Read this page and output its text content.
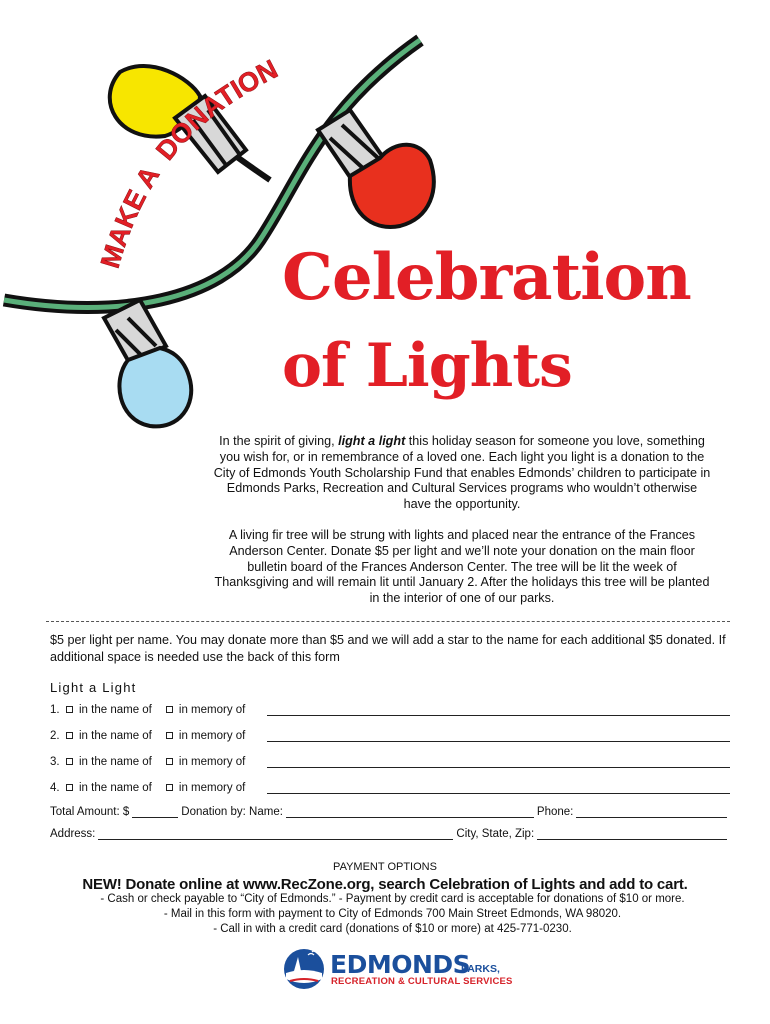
MAKE A DONATION
Celebration
of Lights
In the spirit of giving, light a light this holiday season for someone you love, something you wish for, or in remembrance of a loved one. Each light you light is a donation to the City of Edmonds Youth Scholarship Fund that enables Edmonds’ children to participate in Edmonds Parks, Recreation and Cultural Services programs who wouldn’t otherwise have the opportunity.
A living fir tree will be strung with lights and placed near the entrance of the Frances Anderson Center. Donate $5 per light and we’ll note your donation on the main floor bulletin board of the Frances Anderson Center. The tree will be lit the week of Thanksgiving and will remain lit until January 2. After the holidays this tree will be planted in the interior of one of our parks.
$5 per light per name. You may donate more than $5 and we will add a star to the name for each additional $5 donated. If additional space is needed use the back of this form
Light a Light
1.	in the name of in memory of
2.	in the name of in memory of
3.	in the name of in memory of
4.	in the name of in memory of
Total Amount: $	Donation by: Name:	Phone:
Address:	City, State, Zip:
PAYMENT OPTIONS
NEW! Donate online at www.RecZone.org, search Celebration of Lights and add to cart.
- Cash or check payable to “City of Edmonds.” - Payment by credit card is acceptable for donations of $10 or more.
- Mail in this form with payment to City of Edmonds 700 Main Street Edmonds, WA 98020.
- Call in with a credit card (donations of $10 or more) at 425-771-0230.
EDMONDS
PARKS,
RECREATION & CULTURAL SERVICES
